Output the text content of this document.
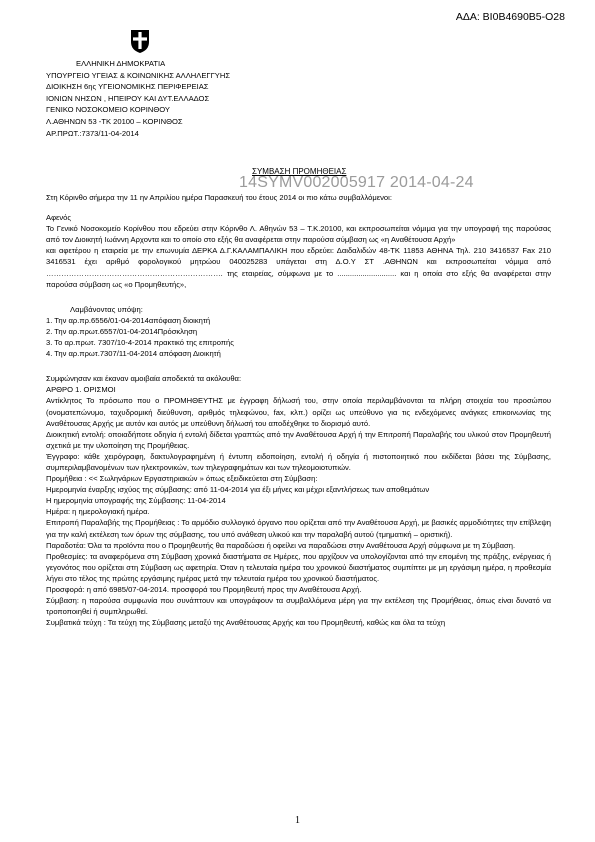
ΑΔΑ: ΒΙ0Β4690Β5-Ο28
ΕΛΛΗΝΙΚΗ ΔΗΜΟΚΡΑΤΙΑ
ΥΠΟΥΡΓΕΙΟ ΥΓΕΙΑΣ & ΚΟΙΝΩΝΙΚΗΣ ΑΛΛΗΛΕΓΓΥΗΣ
ΔΙΟΙΚΗΣΗ 6ης ΥΓΕΙΟΝΟΜΙΚΗΣ ΠΕΡΙΦΕΡΕΙΑΣ
ΙΟΝΙΩΝ ΝΗΣΩΝ , ΗΠΕΙΡΟΥ ΚΑΙ ΔΥΤ.ΕΛΛΑΔΟΣ
ΓΕΝΙΚΟ ΝΟΣΟΚΟΜΕΙΟ ΚΟΡΙΝΘΟΥ
Λ.ΑΘΗΝΩΝ 53 -ΤΚ 20100 – ΚΟΡΙΝΘΟΣ
ΑΡ.ΠΡΩΤ.:7373/11-04-2014
ΣΥΜΒΑΣΗ ΠΡΟΜΗΘΕΙΑΣ
14SYMV002005917 2014-04-24

Στη Κόρινθο σήμερα την 11 ην Απριλίου ημέρα Παρασκευή του έτους 2014 οι πιο κάτω συμβαλλόμενοι:

Αφενός

Το Γενικό Νοσοκομείο Κορίνθου που εδρεύει στην Κόρινθο Λ. Αθηνών 53 – Τ.Κ.20100, και εκπροσωπείται νόμιμα για την υπογραφή της παρούσας από τον Διοικητή Ιωάννη Αρχοντα και το οποίο στο εξής θα αναφέρεται στην παρούσα σύμβαση ως «η Αναθέτουσα Αρχή»

και αφετέρου η εταιρεία με την επωνυμία ΔΕΡΚΑ Δ.Γ.ΚΑΛΑΜΠΑΛΙΚΗ που εδρεύει: Δαιδαλιδών 48-ΤΚ 11853 ΑΘΗΝΑ Τηλ. 210 3416537 Fax 210 3416531 έχει αριθμό φορολογικού μητρώου 040025283 υπάγεται στη Δ.Ο.Υ ΣΤ .ΑΘΗΝΩΝ και εκπροσωπείται νόμιμα από ……………………………………………………………. της εταιρείας, σύμφωνα με το ............................ και η οποία στο εξής θα αναφέρεται στην παρούσα σύμβαση ως «ο Προμηθευτής»,

Λαμβάνοντας υπόψη:

1. Την αρ.πρ.6556/01-04-2014απόφαση διοικητή
2. Την αρ.πρωτ.6557/01-04-2014Πρόσκληση
3. Το αρ.πρωτ. 7307/10-4-2014 πρακτικό της επιτροπής
4. Την αρ.πρωτ.7307/11-04-2014 απόφαση Διοικητή

Συμφώνησαν και έκαναν αμοιβαία αποδεκτά τα ακόλουθα:

ΑΡΘΡΟ 1. ΟΡΙΣΜΟΙ

Αντίκλητος Το πρόσωπο που ο ΠΡΟΜΗΘΕΥΤΗΣ με έγγραφη δήλωσή του, στην οποία περιλαμβάνονται τα πλήρη στοιχεία του προσώπου (ονοματεπώνυμο, ταχυδρομική διεύθυνση, αριθμός τηλεφώνου, fax, κλπ.) ορίζει ως υπεύθυνο για τις ενδεχόμενες ανάγκες επικοινωνίας της Αναθέτουσας Αρχής με αυτόν και αυτός με υπεύθυνη δήλωσή του αποδέχθηκε το διορισμό αυτό.

Διοικητική εντολή: οποιαδήποτε οδηγία ή εντολή δίδεται γραπτώς από την Αναθέτουσα Αρχή ή την Επιτροπή Παραλαβής του υλικού στον Προμηθευτή σχετικά με την υλοποίηση της Προμήθειας.

Έγγραφο: κάθε χειρόγραφη, δακτυλογραφημένη ή έντυπη ειδοποίηση, εντολή ή οδηγία ή πιστοποιητικό που εκδίδεται βάσει της Σύμβασης, συμπεριλαμβανομένων των ηλεκτρονικών, των τηλεγραφημάτων και των τηλεομοιοτυπιών.

Προμήθεια : << Σωληνάριων Εργαστηριακών » όπως εξειδικεύεται στη Σύμβαση:

Ημερομηνία έναρξης ισχύος της σύμβασης: από 11-04-2014 για έξι μήνες και μέχρι εξαντλήσεως των αποθεμάτων

Η ημερομηνία υπογραφής της Σύμβασης: 11-04-2014

Ημέρα: η ημερολογιακή ημέρα.

Επιτροπή Παραλαβής της Προμήθειας : Το αρμόδιο συλλογικό όργανο που ορίζεται από την Αναθέτουσα Αρχή, με βασικές αρμοδιότητες την επίβλεψη για την καλή εκτέλεση των όρων της σύμβασης, του υπό ανάθεση υλικού και την παραλαβή αυτού (τμηματική – οριστική).

Παραδοτέα: Όλα τα προϊόντα που ο Προμηθευτής θα παραδώσει ή οφείλει να παραδώσει στην Αναθέτουσα Αρχή σύμφωνα με τη Σύμβαση.

Προθεσμίες: τα αναφερόμενα στη Σύμβαση χρονικά διαστήματα σε Ημέρες, που αρχίζουν να υπολογίζονται από την επομένη της πράξης, ενέργειας ή γεγονότος που ορίζεται στη Σύμβαση ως αφετηρία. Όταν η τελευταία ημέρα του χρονικού διαστήματος συμπίπτει με μη εργάσιμη ημέρα, η προθεσμία λήγει στο τέλος της πρώτης εργάσιμης ημέρας μετά την τελευταία ημέρα του χρονικού διαστήματος.

Προσφορά: η από 6985/07-04-2014. προσφορά του Προμηθευτή προς την Αναθέτουσα Αρχή.

Σύμβαση: η παρούσα συμφωνία που συνάπτουν και υπογράφουν τα συμβαλλόμενα μέρη για την εκτέλεση της Προμήθειας, όπως είναι δυνατό να τροποποιηθεί ή συμπληρωθεί.

Συμβατικά τεύχη : Τα τεύχη της Σύμβασης μεταξύ της Αναθέτουσας Αρχής και του Προμηθευτή, καθώς και όλα τα τεύχη

1
